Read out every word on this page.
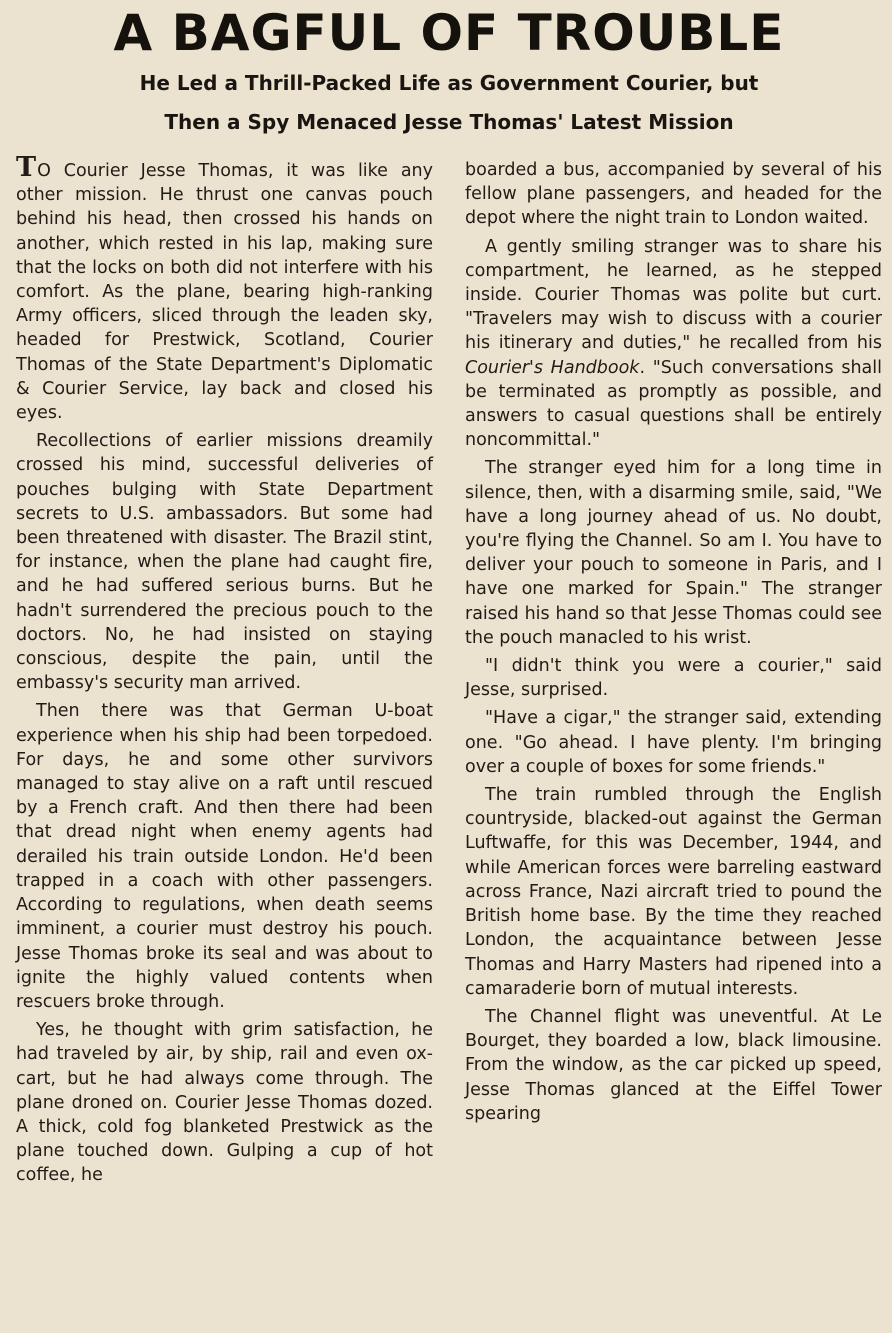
A BAGFUL OF TROUBLE
He Led a Thrill-Packed Life as Government Courier, but
Then a Spy Menaced Jesse Thomas' Latest Mission

TO Courier Jesse Thomas, it was like any other mission. He thrust one canvas pouch behind his head, then crossed his hands on another, which rested in his lap, making sure that the locks on both did not interfere with his comfort. As the plane, bearing high-ranking Army officers, sliced through the leaden sky, headed for Prestwick, Scotland, Courier Thomas of the State Department's Diplomatic & Courier Service, lay back and closed his eyes.

Recollections of earlier missions dreamily crossed his mind, successful deliveries of pouches bulging with State Department secrets to U.S. ambassadors. But some had been threatened with disaster. The Brazil stint, for instance, when the plane had caught fire, and he had suffered serious burns. But he hadn't surrendered the precious pouch to the doctors. No, he had insisted on staying conscious, despite the pain, until the embassy's security man arrived.

Then there was that German U-boat experience when his ship had been torpedoed. For days, he and some other survivors managed to stay alive on a raft until rescued by a French craft. And then there had been that dread night when enemy agents had derailed his train outside London. He'd been trapped in a coach with other passengers. According to regulations, when death seems imminent, a courier must destroy his pouch. Jesse Thomas broke its seal and was about to ignite the highly valued contents when rescuers broke through.

Yes, he thought with grim satisfaction, he had traveled by air, by ship, rail and even ox-cart, but he had always come through. The plane droned on. Courier Jesse Thomas dozed. A thick, cold fog blanketed Prestwick as the plane touched down. Gulping a cup of hot coffee, he

boarded a bus, accompanied by several of his fellow plane passengers, and headed for the depot where the night train to London waited.

A gently smiling stranger was to share his compartment, he learned, as he stepped inside. Courier Thomas was polite but curt. "Travelers may wish to discuss with a courier his itinerary and duties," he recalled from his Courier's Handbook. "Such conversations shall be terminated as promptly as possible, and answers to casual questions shall be entirely noncommittal."

The stranger eyed him for a long time in silence, then, with a disarming smile, said, "We have a long journey ahead of us. No doubt, you're flying the Channel. So am I. You have to deliver your pouch to someone in Paris, and I have one marked for Spain." The stranger raised his hand so that Jesse Thomas could see the pouch manacled to his wrist.

"I didn't think you were a courier," said Jesse, surprised.

"Have a cigar," the stranger said, extending one. "Go ahead. I have plenty. I'm bringing over a couple of boxes for some friends."

The train rumbled through the English countryside, blacked-out against the German Luftwaffe, for this was December, 1944, and while American forces were barreling eastward across France, Nazi aircraft tried to pound the British home base. By the time they reached London, the acquaintance between Jesse Thomas and Harry Masters had ripened into a camaraderie born of mutual interests.

The Channel flight was uneventful. At Le Bourget, they boarded a low, black limousine. From the window, as the car picked up speed, Jesse Thomas glanced at the Eiffel Tower spearing
